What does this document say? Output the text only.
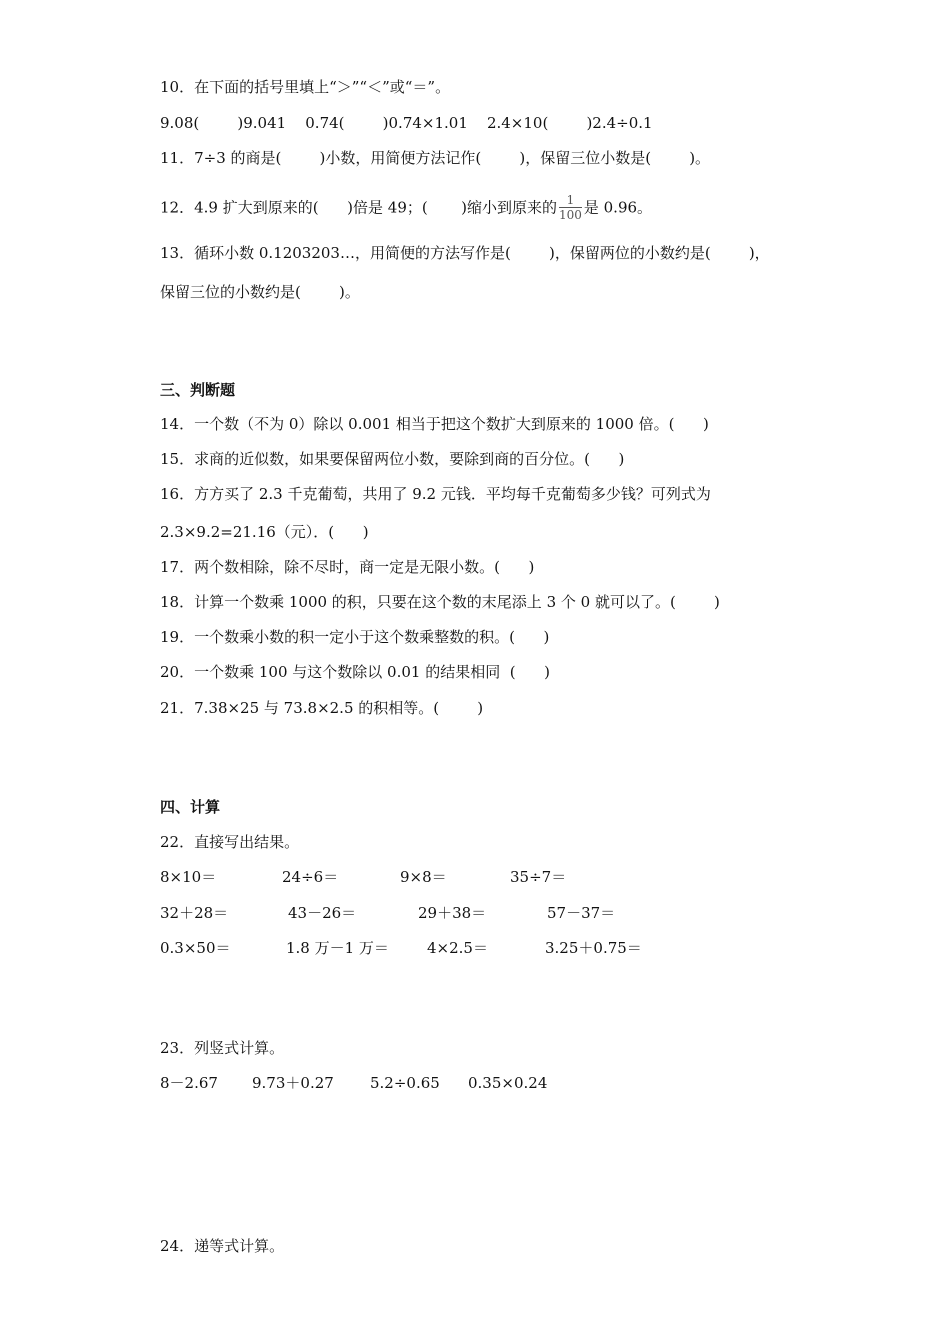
10．在下面的括号里填上“＞”“＜”或“＝”。
9.08(        )9.041    0.74(        )0.74×1.01    2.4×10(        )2.4÷0.1
11．7÷3 的商是(        )小数，用简便方法记作(        )，保留三位小数是(        )。
12．4.9 扩大到原来的(      )倍是 49；(       )缩小到原来的 $\frac{1}{100}$ 是 0.96。
13．循环小数 0.1203203…，用简便的方法写作是(        )，保留两位的小数约是(        )，
保留三位的小数约是(        )。
三、判断题
14．一个数（不为 0）除以 0.001 相当于把这个数扩大到原来的 1000 倍。(      )
15．求商的近似数，如果要保留两位小数，要除到商的百分位。(      )
16．方方买了 2.3 千克葡萄，共用了 9.2 元钱．平均每千克葡萄多少钱？可列式为
2.3×9.2=21.16（元）．(      )
17．两个数相除，除不尽时，商一定是无限小数。(      )
18．计算一个数乘 1000 的积，只要在这个数的末尾添上 3 个 0 就可以了。(        )
19．一个数乘小数的积一定小于这个数乘整数的积。(      )
20．一个数乘 100 与这个数除以 0.01 的结果相同  (      )
21．7.38×25 与 73.8×2.5 的积相等。(        )
四、计算
22．直接写出结果。
8×10＝	24÷6＝	9×8＝	35÷7＝
32＋28＝	43－26＝	29＋38＝	57－37＝
0.3×50＝	1.8 万－1 万＝	4×2.5＝	3.25＋0.75＝
23．列竖式计算。
8－2.67 9.73＋0.27 5.2÷0.65 0.35×0.24
24．递等式计算。
